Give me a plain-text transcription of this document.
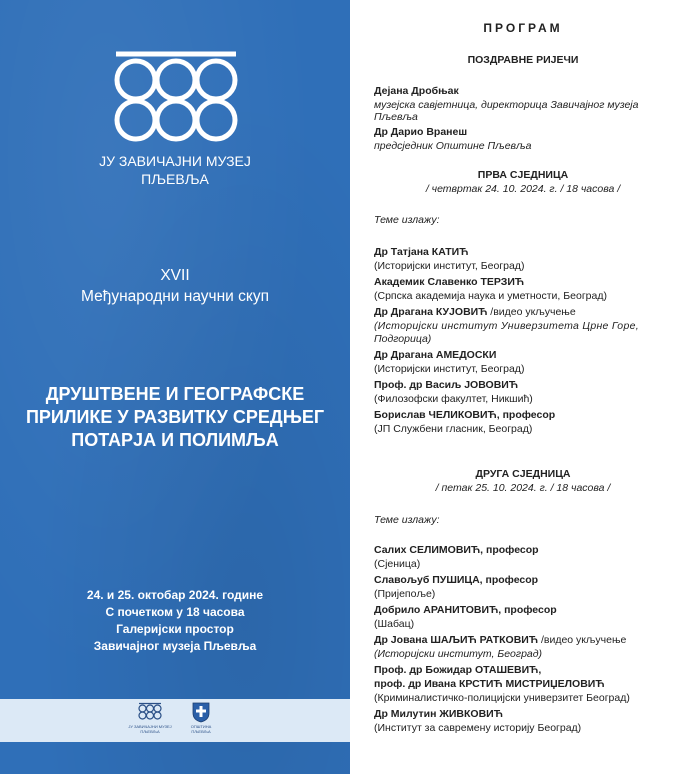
ЈУ ЗАВИЧАЈНИ МУЗЕЈ
ПЉЕВЉА
XVII
Међународни научни скуп
ДРУШТВЕНЕ И ГЕОГРАФСКЕ
ПРИЛИКЕ У РАЗВИТКУ СРЕДЊЕГ
ПОТАРЈА И ПОЛИМЉА
24. и 25. октобар 2024. године
С почетком у 18 часова
Галеријски простор
Завичајног музеја Пљевља
ЈУ ЗАВИЧАЈНИ МУЗЕЈ
ПЉЕВЉА
ОПШТИНА
ПЉЕВЉА
ПРОГРАМ
ПОЗДРАВНЕ РИЈЕЧИ
Дејана Дробњак
музејска савјетница, директорица Завичајног музеја
Пљевља
Др Дарио Вранеш
предсједник Општине Пљевља
ПРВА СЈЕДНИЦА
/ четвртак 24. 10. 2024. г. / 18 часова /
Теме излажу:
Др Татјана КАТИЋ
(Историјски институт, Београд)
Академик Славенко ТЕРЗИЋ
(Српска академија наука и уметности, Београд)
Др Драгана КУЈОВИЋ /видео укључење
(Историјски институт Универзитета Црне Горе,
Подгорица)
Др Драгана АМЕДОСКИ
(Историјски институт, Београд)
Проф. др Васиљ ЈОВОВИЋ
(Филозофски факултет, Никшић)
Борислав ЧЕЛИКОВИЋ, професор
(ЈП Службени гласник, Београд)
ДРУГА СЈЕДНИЦА
/ петак 25. 10. 2024. г. / 18 часова /
Теме излажу:
Салих СЕЛИМОВИЋ, професор
(Сјеница)
Славољуб ПУШИЦА, професор
(Пријепоље)
Добрило АРАНИТОВИЋ, професор
(Шабац)
Др Јована ШАЉИЋ РАТКОВИЋ /видео укључење
(Историјски институт, Београд)
Проф. др Божидар ОТАШЕВИЋ,
проф. др Ивана КРСТИЋ МИСТРИЏЕЛОВИЋ
(Криминалистичко-полицијски универзитет Београд)
Др Милутин ЖИВКОВИЋ
(Институт за савремену историју Београд)
